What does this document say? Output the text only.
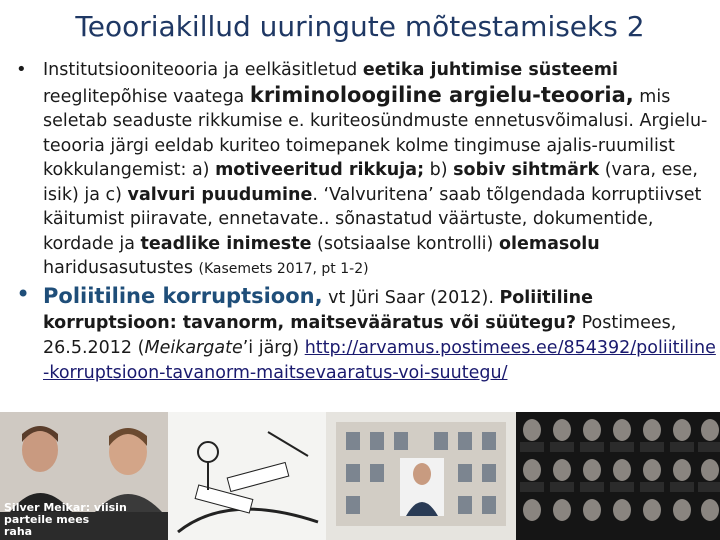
Teooriakillud uuringute mõtestamiseks 2
• Institutsiooniteooria ja eelkäsitletud eetika juhtimise süsteemi
reeglitepõhise vaatega kriminoloogiline argielu-teooria, mis seletab seaduste rikkumise e. kuriteosündmuste ennetusvõimalusi. Argielu-teooria järgi eeldab kuriteo toimepanek kolme tingimuse ajalis-ruumilist kokkulangemist: a) motiveeritud rikkuja; b) sobiv sihtmärk (vara, ese, isik) ja c) valvuri puudumine. ‘Valvuritena’ saab tõlgendada korruptiivset käitumist piiravate, ennetavate.. sõnastatud väärtuste, dokumentide, kordade ja teadlike inimeste (sotsiaalse kontrolli) olemasolu haridusasutustes (Kasemets 2017, pt 1-2)
• Poliitiline korruptsioon, vt Jüri Saar (2012). Poliitiline korruptsioon: tavanorm, maitsevääratus või süütegu? Postimees, 26.5.2012 (Meikargate’i järg) http://arvamus.postimees.ee/854392/poliitiline-korruptsioon-tavanorm-maitsevaaratus-voi-suutegu/
Silver Meikar: viisin parteile mees
raha
